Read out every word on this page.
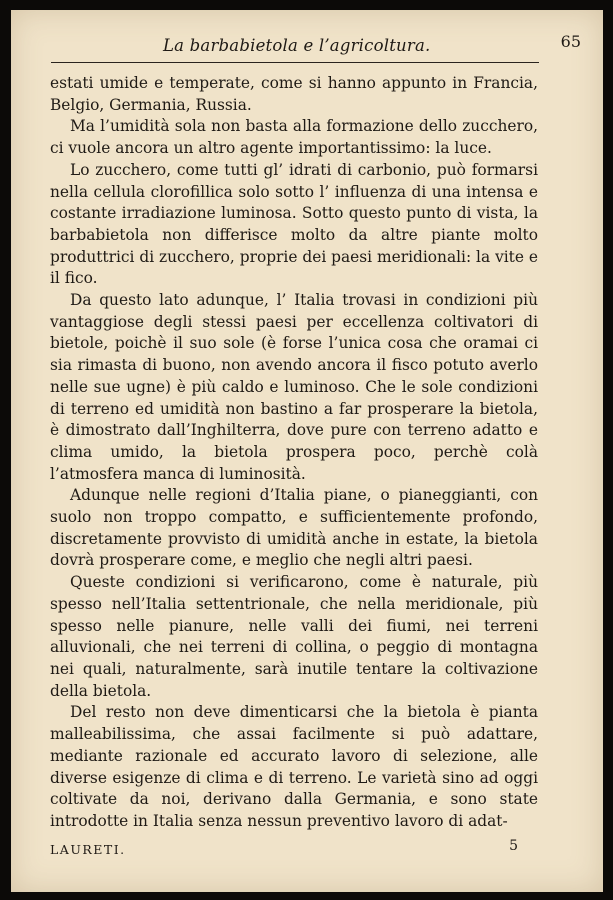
La barbabietola e l’agricoltura.	65

estati umide e temperate, come si hanno appunto in Francia, Belgio, Germania, Russia.

Ma l’umidità sola non basta alla formazione dello zucchero, ci vuole ancora un altro agente importantissimo: la luce.

Lo zucchero, come tutti gl’ idrati di carbonio, può formarsi nella cellula clorofillica solo sotto l’ influenza di una intensa e costante irradiazione luminosa. Sotto questo punto di vista, la barbabietola non differisce molto da altre piante molto produttrici di zucchero, proprie dei paesi meridionali: la vite e il fico.

Da questo lato adunque, l’ Italia trovasi in condizioni più vantaggiose degli stessi paesi per eccellenza coltivatori di bietole, poichè il suo sole (è forse l’unica cosa che oramai ci sia rimasta di buono, non avendo ancora il fisco potuto averlo nelle sue ugne) è più caldo e luminoso. Che le sole condizioni di terreno ed umidità non bastino a far prosperare la bietola, è dimostrato dall’Inghilterra, dove pure con terreno adatto e clima umido, la bietola prospera poco, perchè colà l’atmosfera manca di luminosità.

Adunque nelle regioni d’Italia piane, o pianeggianti, con suolo non troppo compatto, e sufficientemente profondo, discretamente provvisto di umidità anche in estate, la bietola dovrà prosperare come, e meglio che negli altri paesi.

Queste condizioni si verificarono, come è naturale, più spesso nell’Italia settentrionale, che nella meridionale, più spesso nelle pianure, nelle valli dei fiumi, nei terreni alluvionali, che nei terreni di collina, o peggio di montagna nei quali, naturalmente, sarà inutile tentare la coltivazione della bietola.

Del resto non deve dimenticarsi che la bietola è pianta malleabilissima, che assai facilmente si può adattare, mediante razionale ed accurato lavoro di selezione, alle diverse esigenze di clima e di terreno. Le varietà sino ad oggi coltivate da noi, derivano dalla Germania, e sono state introdotte in Italia senza nessun preventivo lavoro di adat-

LAURETI.	5
